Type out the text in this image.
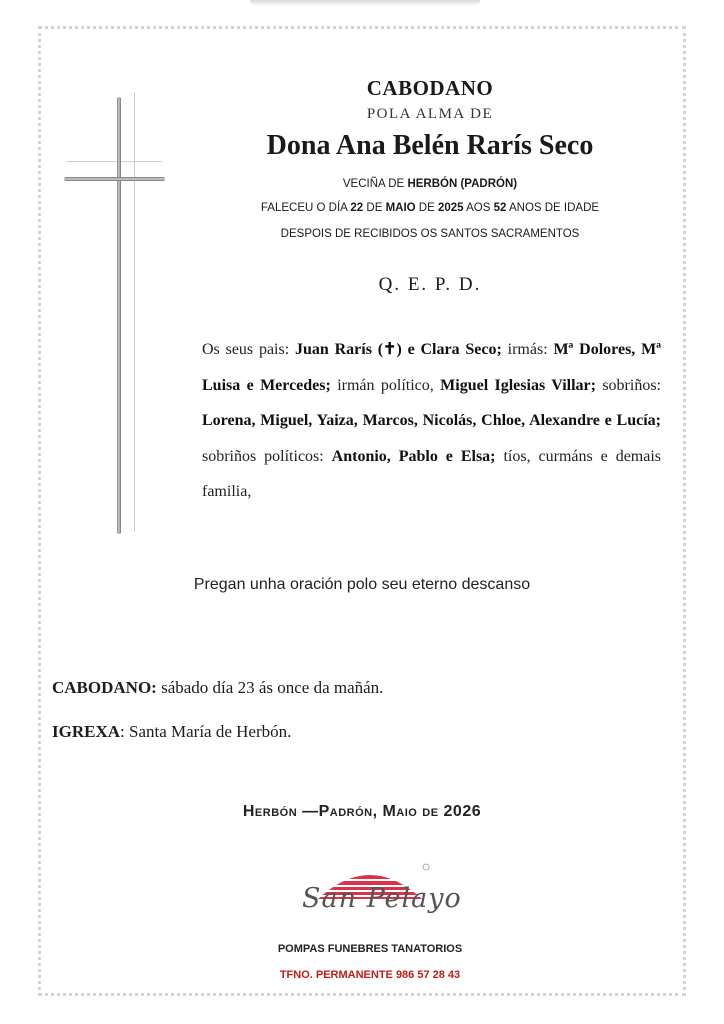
CABODANO
POLA ALMA DE
Dona Ana Belén Rarís Seco
VECIÑA DE HERBÓN (PADRÓN)
FALECEU O DÍA 22 DE MAIO DE 2025 AOS 52 ANOS DE IDADE
DESPOIS DE RECIBIDOS OS SANTOS SACRAMENTOS
Q. E. P. D.
Os seus pais: Juan Rarís (✝) e Clara Seco; irmás: Mª Dolores, Mª Luisa e Mercedes; irmán político, Miguel Iglesias Villar; sobriños: Lorena, Miguel, Yaiza, Marcos, Nicolás, Chloe, Alexandre e Lucía; sobriños políticos: Antonio, Pablo e Elsa; tíos, curmáns e demais familia,
Pregan unha oración polo seu eterno descanso
CABODANO: sábado día 23 ás once da mañán.
IGREXA: Santa María de Herbón.
Herbón —Padrón, Maio de 2026
San Pelayo
POMPAS FUNEBRES TANATORIOS
TFNO. PERMANENTE 986 57 28 43
